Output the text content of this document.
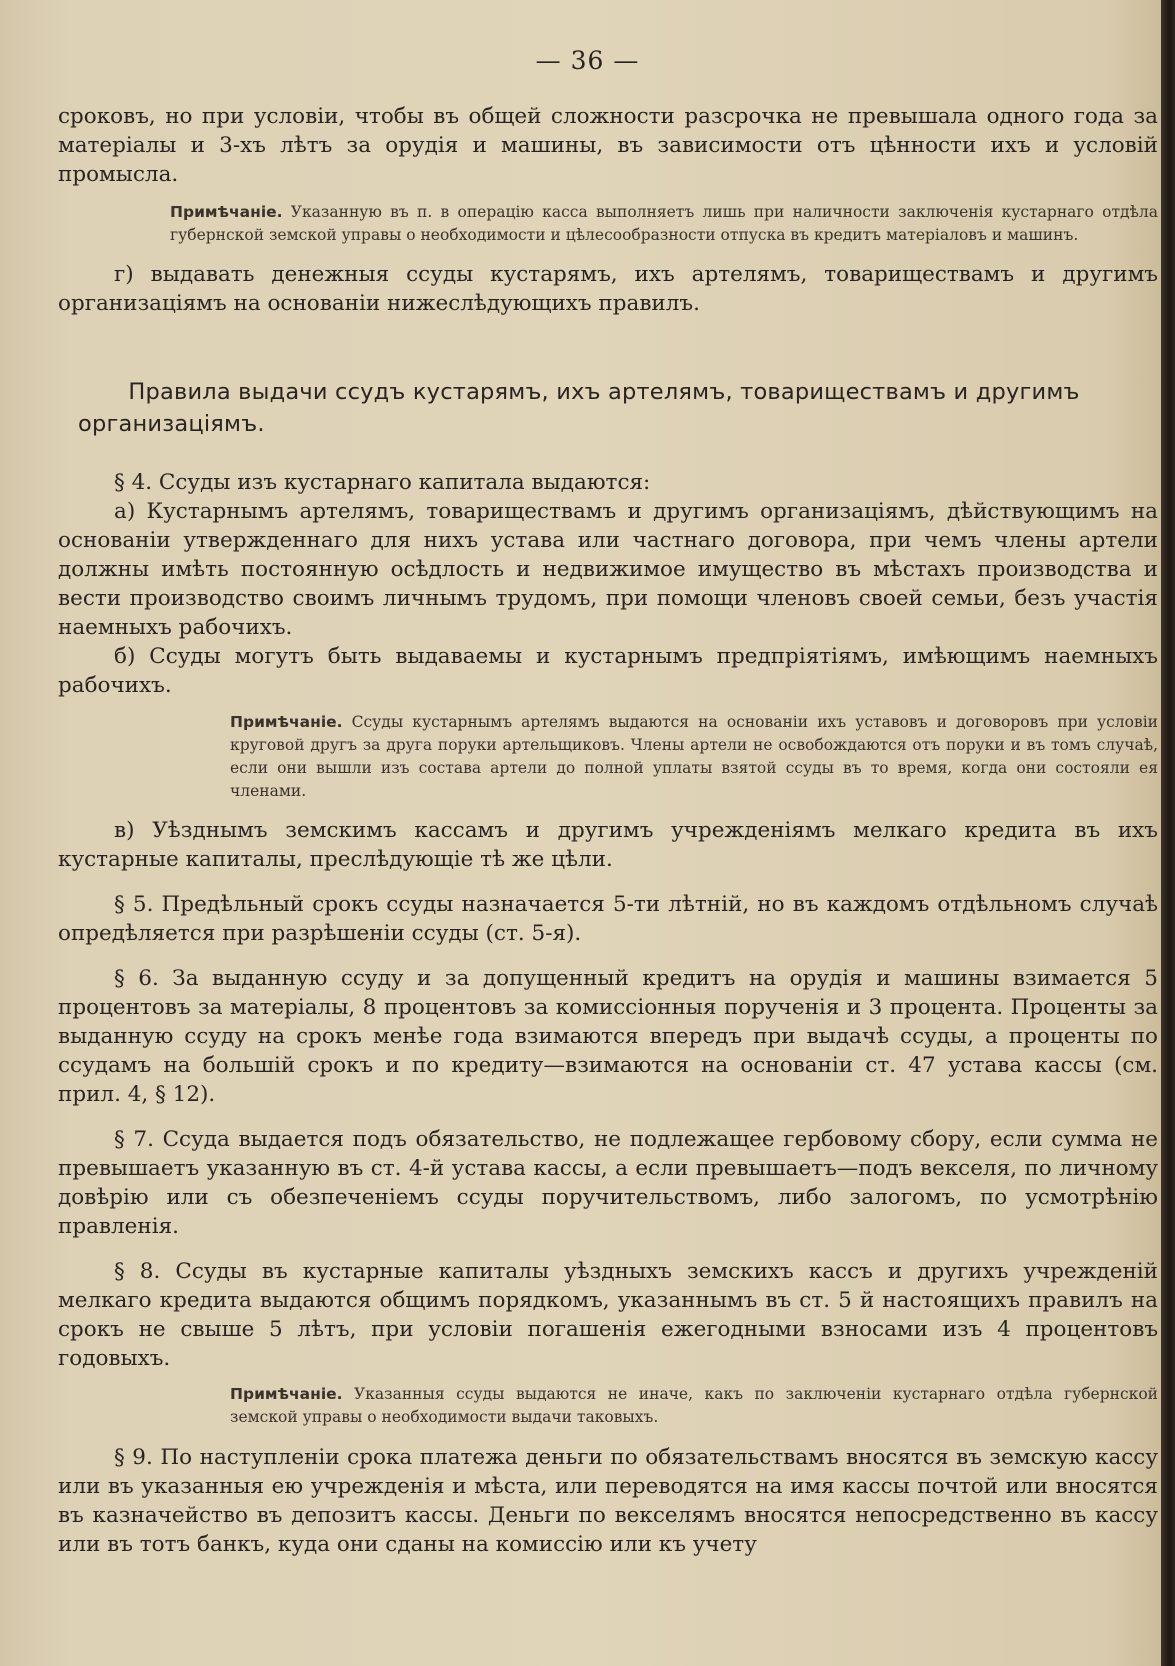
— 36 —

сроковъ, но при условіи, чтобы въ общей сложности разсрочка не превышала одного года за матеріалы и 3-хъ лѣтъ за орудія и машины, въ зависимости отъ цѣнности ихъ и условій промысла.

Примѣчаніе. Указанную въ п. в операцію касса выполняетъ лишь при наличности заключенія кустарнаго отдѣла губернской земской управы о необходимости и цѣлесообразности отпуска въ кредитъ матеріаловъ и машинъ.

г) выдавать денежныя ссуды кустарямъ, ихъ артелямъ, товариществамъ и другимъ организаціямъ на основаніи нижеслѣдующихъ правилъ.

Правила выдачи ссудъ кустарямъ, ихъ артелямъ, товариществамъ и другимъ организаціямъ.

§ 4. Ссуды изъ кустарнаго капитала выдаются:

а) Кустарнымъ артелямъ, товариществамъ и другимъ организаціямъ, дѣйствующимъ на основаніи утвержденнаго для нихъ устава или частнаго договора, при чемъ члены артели должны имѣть постоянную осѣдлость и недвижимое имущество въ мѣстахъ производства и вести производство своимъ личнымъ трудомъ, при помощи членовъ своей семьи, безъ участія наемныхъ рабочихъ.

б) Ссуды могутъ быть выдаваемы и кустарнымъ предпріятіямъ, имѣющимъ наемныхъ рабочихъ.

Примѣчаніе. Ссуды кустарнымъ артелямъ выдаются на основаніи ихъ уставовъ и договоровъ при условіи круговой другъ за друга поруки артельщиковъ. Члены артели не освобождаются отъ поруки и въ томъ случаѣ, если они вышли изъ состава артели до полной уплаты взятой ссуды въ то время, когда они состояли ея членами.

в) Уѣзднымъ земскимъ кассамъ и другимъ учрежденіямъ мелкаго кредита въ ихъ кустарные капиталы, преслѣдующіе тѣ же цѣли.

§ 5. Предѣльный срокъ ссуды назначается 5-ти лѣтній, но въ каждомъ отдѣльномъ случаѣ опредѣляется при разрѣшеніи ссуды (ст. 5-я).

§ 6. За выданную ссуду и за допущенный кредитъ на орудія и машины взимается 5 процентовъ за матеріалы, 8 процентовъ за комиссіонныя порученія и 3 процента. Проценты за выданную ссуду на срокъ менѣе года взимаются впередъ при выдачѣ ссуды, а проценты по ссудамъ на большій срокъ и по кредиту—взимаются на основаніи ст. 47 устава кассы (см. прил. 4, § 12).

§ 7. Ссуда выдается подъ обязательство, не подлежащее гербовому сбору, если сумма не превышаетъ указанную въ ст. 4-й устава кассы, а если превышаетъ—подъ векселя, по личному довѣрію или съ обезпеченіемъ ссуды поручительствомъ, либо залогомъ, по усмотрѣнію правленія.

§ 8. Ссуды въ кустарные капиталы уѣздныхъ земскихъ кассъ и другихъ учрежденій мелкаго кредита выдаются общимъ порядкомъ, указаннымъ въ ст. 5 й настоящихъ правилъ на срокъ не свыше 5 лѣтъ, при условіи погашенія ежегодными взносами изъ 4 процентовъ годовыхъ.

Примѣчаніе. Указанныя ссуды выдаются не иначе, какъ по заключеніи кустарнаго отдѣла губернской земской управы о необходимости выдачи таковыхъ.

§ 9. По наступленіи срока платежа деньги по обязательствамъ вносятся въ земскую кассу или въ указанныя ею учрежденія и мѣста, или переводятся на имя кассы почтой или вносятся въ казначейство въ депозитъ кассы. Деньги по векселямъ вносятся непосредственно въ кассу или въ тотъ банкъ, куда они сданы на комиссію или къ учету
